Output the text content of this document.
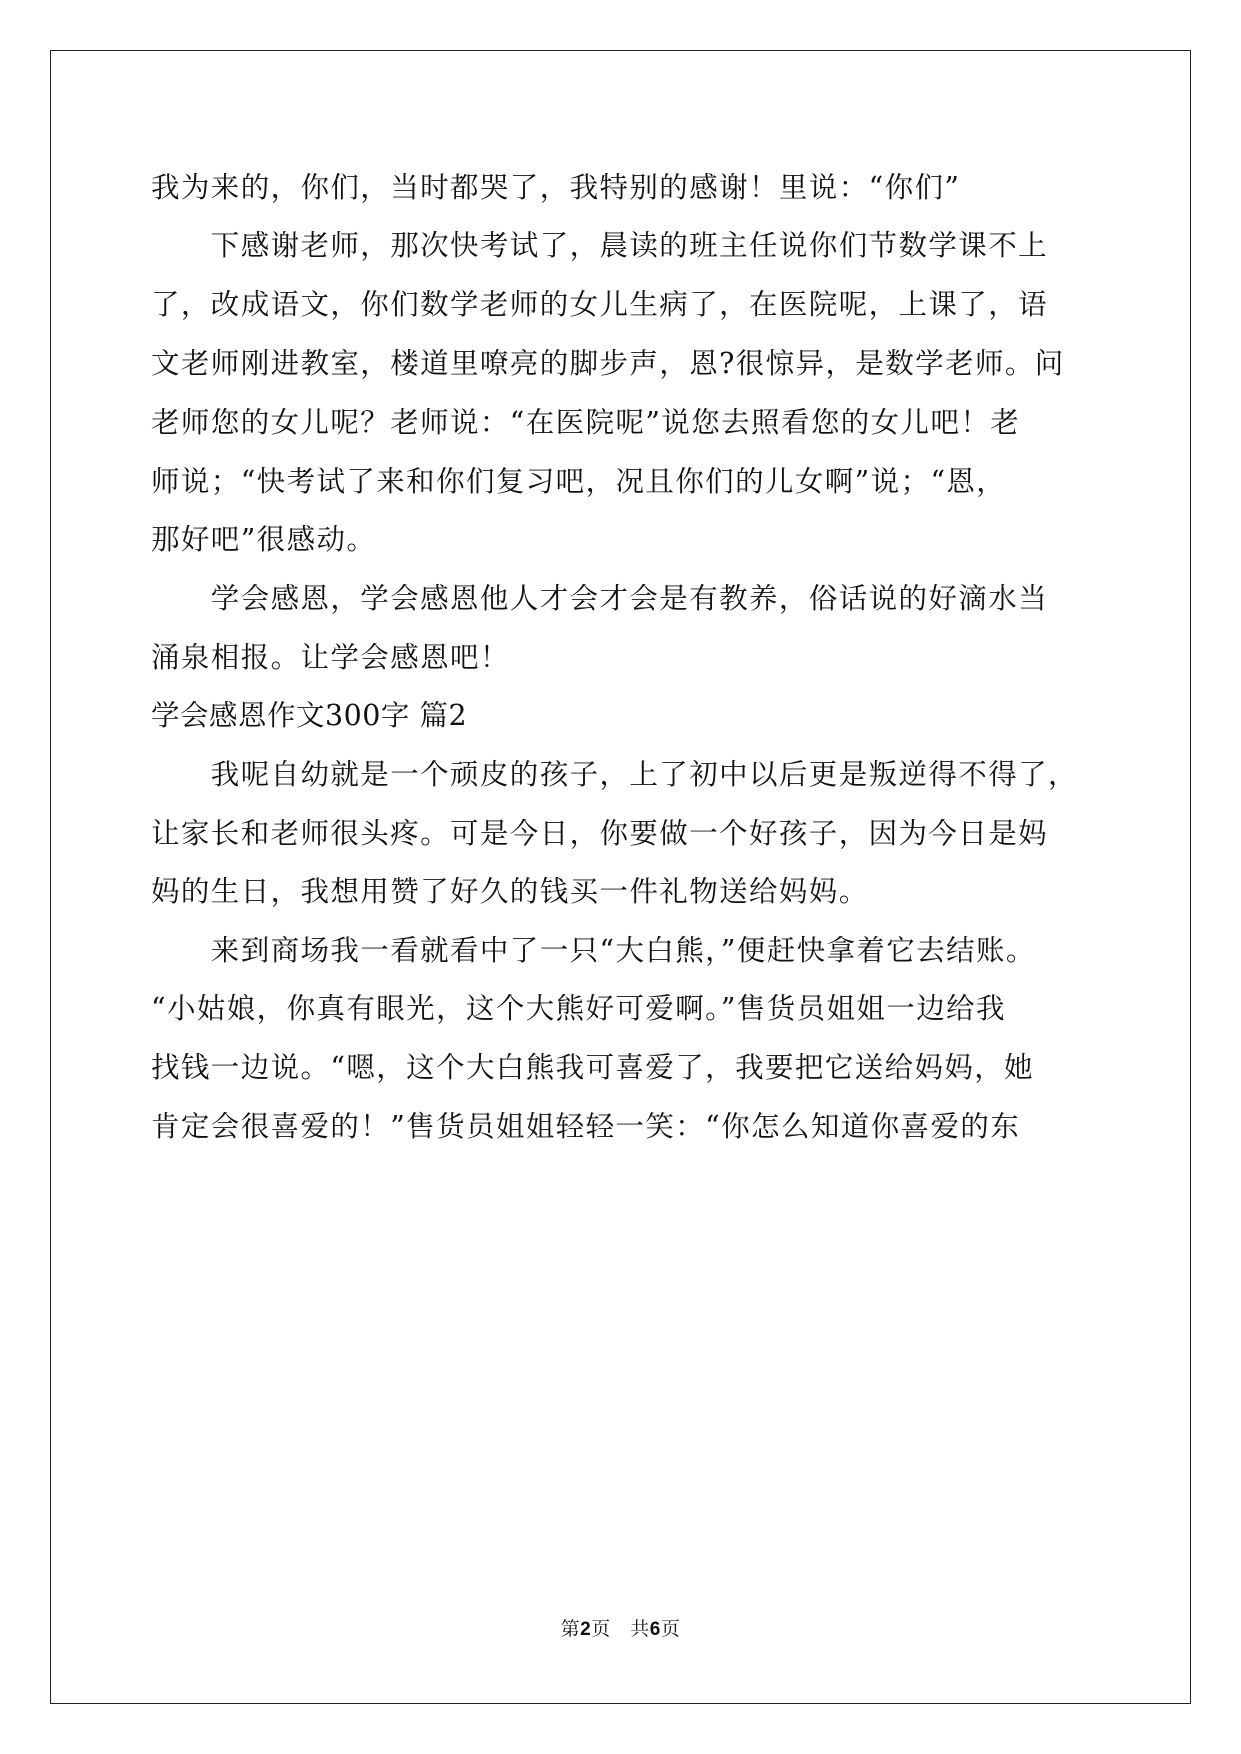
我为来的，你们，当时都哭了，我特别的感谢！里说：“你们”
　　下感谢老师，那次快考试了，晨读的班主任说你们节数学课不上
了，改成语文，你们数学老师的女儿生病了，在医院呢，上课了，语
文老师刚进教室，楼道里嘹亮的脚步声，恩?很惊异，是数学老师。问
老师您的女儿呢？老师说：“在医院呢”说您去照看您的女儿吧！老
师说；“快考试了来和你们复习吧，况且你们的儿女啊”说；“恩，
那好吧”很感动。
　　学会感恩，学会感恩他人才会才会是有教养，俗话说的好滴水当
涌泉相报。让学会感恩吧！
学会感恩作文300字 篇2
　　我呢自幼就是一个顽皮的孩子，上了初中以后更是叛逆得不得了，
让家长和老师很头疼。可是今日，你要做一个好孩子，因为今日是妈
妈的生日，我想用赞了好久的钱买一件礼物送给妈妈。
　　来到商场我一看就看中了一只“大白熊，”便赶快拿着它去结账。
“小姑娘，你真有眼光，这个大熊好可爱啊。”售货员姐姐一边给我
找钱一边说。“嗯，这个大白熊我可喜爱了，我要把它送给妈妈，她
肯定会很喜爱的！”售货员姐姐轻轻一笑：“你怎么知道你喜爱的东
第2页　共6页
